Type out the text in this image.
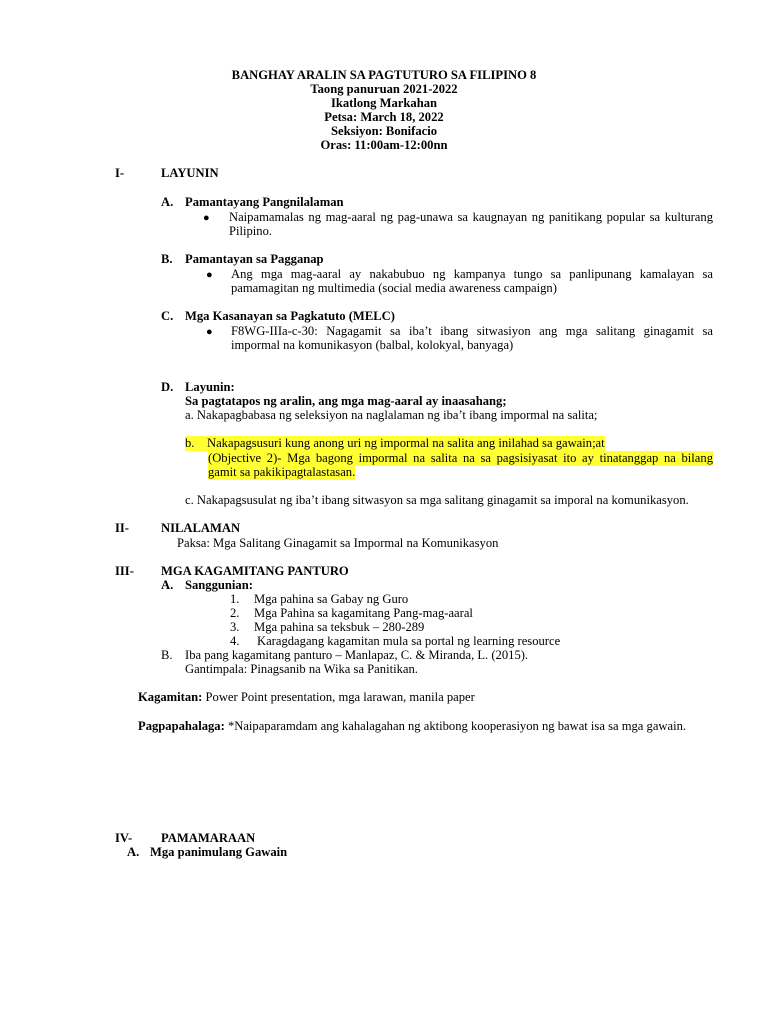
BANGHAY ARALIN SA PAGTUTURO SA FILIPINO 8
Taong panuruan 2021-2022
Ikatlong Markahan
Petsa: March 18, 2022
Seksiyon: Bonifacio
Oras: 11:00am-12:00nn
I-	LAYUNIN
A. Pamantayang Pangnilalaman
● Naipamamalas ng mag-aaral ng pag-unawa sa kaugnayan ng panitikang popular sa kulturang
Pilipino.
B. Pamantayan sa Pagganap
● Ang mga mag-aaral ay nakabubuo ng kampanya tungo sa panlipunang kamalayan sa
pamamagitan ng multimedia (social media awareness campaign)
C. Mga Kasanayan sa Pagkatuto (MELC)
● F8WG-IIIa-c-30: Nagagamit sa iba’t ibang sitwasiyon ang mga salitang ginagamit sa
impormal na komunikasyon (balbal, kolokyal, banyaga)
D. Layunin:
Sa pagtatapos ng aralin, ang mga mag-aaral ay inaasahang;
a. Nakapagbabasa ng seleksiyon na naglalaman ng iba’t ibang impormal na salita;
b. Nakapagsusuri kung anong uri ng impormal na salita ang inilahad sa gawain;at
(Objective 2)- Mga bagong impormal na salita na sa pagsisiyasat ito ay tinatanggap na bilang
gamit sa pakikipagtalastasan.
c. Nakapagsusulat ng iba’t ibang sitwasyon sa mga salitang ginagamit sa imporal na komunikasyon.
II-	NILALAMAN
Paksa: Mga Salitang Ginagamit sa Impormal na Komunikasyon
III- MGA KAGAMITANG PANTURO
A. Sanggunian:
1. Mga pahina sa Gabay ng Guro
2. Mga Pahina sa kagamitang Pang-mag-aaral
3. Mga pahina sa teksbuk – 280-289
4. Karagdagang kagamitan mula sa portal ng learning resource
B. Iba pang kagamitang panturo – Manlapaz, C. & Miranda, L. (2015).
Gantimpala: Pinagsanib na Wika sa Panitikan.
Kagamitan: Power Point presentation, mga larawan, manila paper
Pagpapahalaga: *Naipaparamdam ang kahalagahan ng aktibong kooperasiyon ng bawat isa sa mga gawain.
IV- PAMAMARAAN
A. Mga panimulang Gawain
